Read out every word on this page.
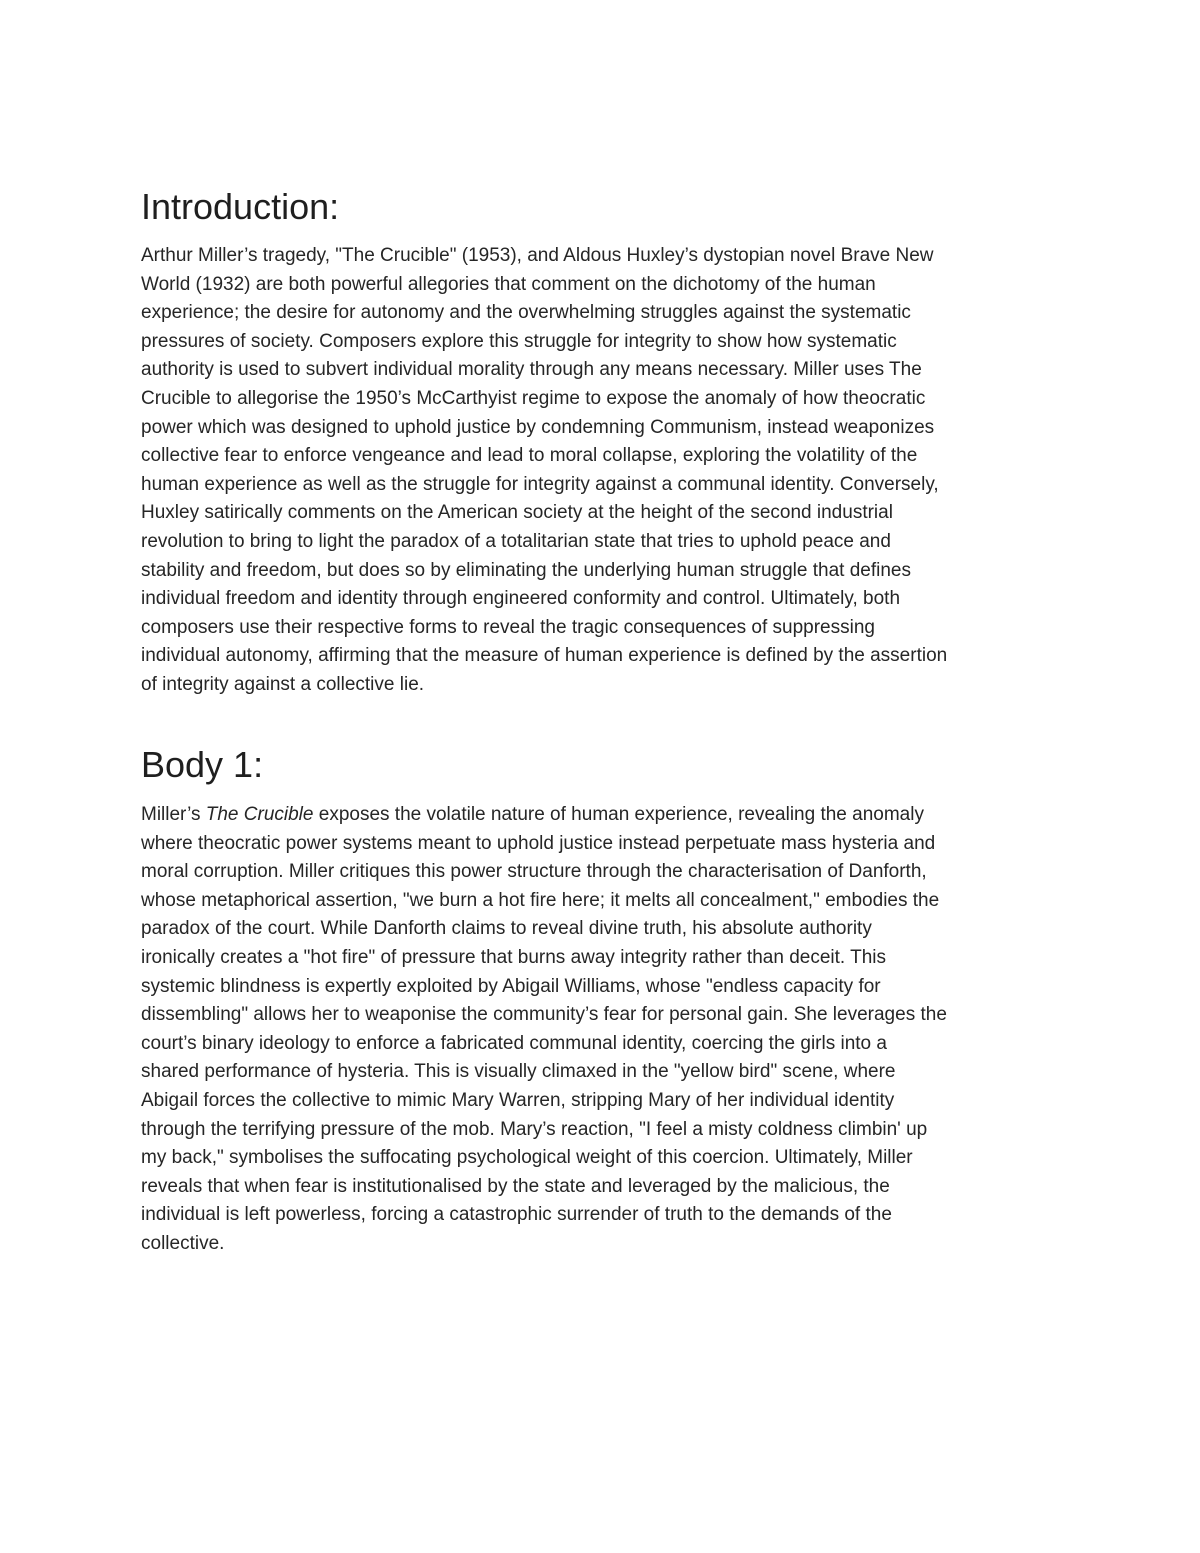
Introduction:

Arthur Miller’s tragedy, "The Crucible" (1953), and Aldous Huxley’s dystopian novel Brave New
World (1932) are both powerful allegories that comment on the dichotomy of the human
experience; the desire for autonomy and the overwhelming struggles against the systematic
pressures of society. Composers explore this struggle for integrity to show how systematic
authority is used to subvert individual morality through any means necessary. Miller uses The
Crucible to allegorise the 1950’s McCarthyist regime to expose the anomaly of how theocratic
power which was designed to uphold justice by condemning Communism, instead weaponizes
collective fear to enforce vengeance and lead to moral collapse, exploring the volatility of the
human experience as well as the struggle for integrity against a communal identity. Conversely,
Huxley satirically comments on the American society at the height of the second industrial
revolution to bring to light the paradox of a totalitarian state that tries to uphold peace and
stability and freedom, but does so by eliminating the underlying human struggle that defines
individual freedom and identity through engineered conformity and control. Ultimately, both
composers use their respective forms to reveal the tragic consequences of suppressing
individual autonomy, affirming that the measure of human experience is defined by the assertion
of integrity against a collective lie.

Body 1:

Miller’s The Crucible exposes the volatile nature of human experience, revealing the anomaly
where theocratic power systems meant to uphold justice instead perpetuate mass hysteria and
moral corruption. Miller critiques this power structure through the characterisation of Danforth,
whose metaphorical assertion, "we burn a hot fire here; it melts all concealment," embodies the
paradox of the court. While Danforth claims to reveal divine truth, his absolute authority
ironically creates a "hot fire" of pressure that burns away integrity rather than deceit. This
systemic blindness is expertly exploited by Abigail Williams, whose "endless capacity for
dissembling" allows her to weaponise the community’s fear for personal gain. She leverages the
court’s binary ideology to enforce a fabricated communal identity, coercing the girls into a
shared performance of hysteria. This is visually climaxed in the "yellow bird" scene, where
Abigail forces the collective to mimic Mary Warren, stripping Mary of her individual identity
through the terrifying pressure of the mob. Mary’s reaction, "I feel a misty coldness climbin' up
my back," symbolises the suffocating psychological weight of this coercion. Ultimately, Miller
reveals that when fear is institutionalised by the state and leveraged by the malicious, the
individual is left powerless, forcing a catastrophic surrender of truth to the demands of the
collective.
